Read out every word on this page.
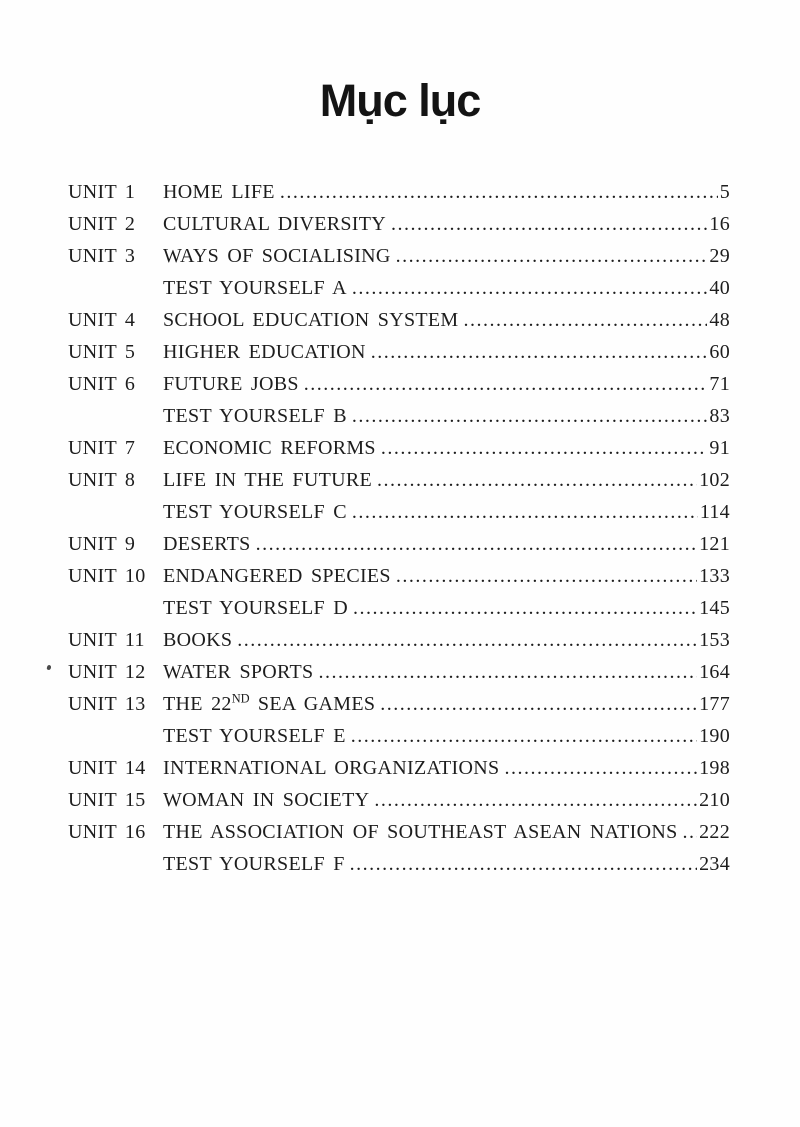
Mục lục
UNIT 1	HOME LIFE .....	5
UNIT 2	CULTURAL DIVERSITY .....	16
UNIT 3	WAYS OF SOCIALISING .....	29
TEST YOURSELF A .....	40
UNIT 4	SCHOOL EDUCATION SYSTEM .....	48
UNIT 5	HIGHER EDUCATION .....	60
UNIT 6	FUTURE JOBS .....	71
TEST YOURSELF B .....	83
UNIT 7	ECONOMIC REFORMS .....	91
UNIT 8	LIFE IN THE FUTURE .....	102
TEST YOURSELF C .....	114
UNIT 9	DESERTS .....	121
UNIT 10 ENDANGERED SPECIES .....	133
TEST YOURSELF D .....	145
UNIT 11 BOOKS .....	153
UNIT 12 WATER SPORTS .....	164
UNIT 13 THE 22ND SEA GAMES .....	177
TEST YOURSELF E .....	190
UNIT 14 INTERNATIONAL ORGANIZATIONS .....	198
UNIT 15 WOMAN IN SOCIETY .....	210
UNIT 16 THE ASSOCIATION OF SOUTHEAST ASEAN NATIONS ..... 222
TEST YOURSELF F .....	234
